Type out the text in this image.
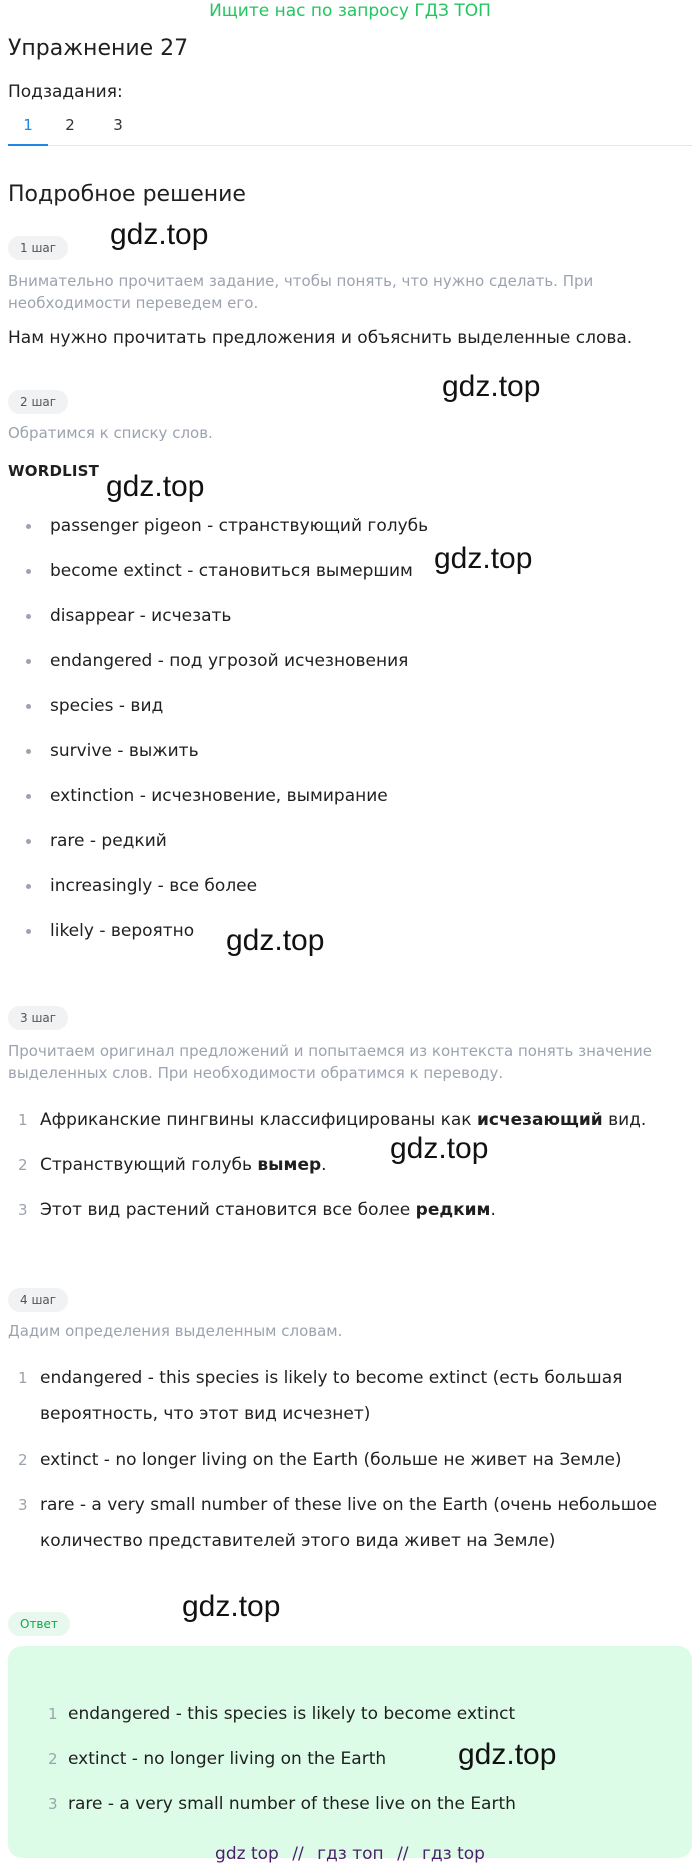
Ищите нас по запросу ГДЗ ТОП
Упражнение 27
Подзадания:
1	2	3
Подробное решение
1 шаг	gdz.top
Внимательно прочитаем задание, чтобы понять, что нужно сделать. При необходимости переведем его.
Нам нужно прочитать предложения и объяснить выделенные слова.
2 шаг	gdz.top
Обратимся к списку слов.
WORDLIST gdz.top
gdz.top
passenger pigeon - странствующий голубь
become extinct - становиться вымершим
disappear - исчезать
endangered - под угрозой исчезновения
species - вид
survive - выжить
extinction - исчезновение, вымирание
rare - редкий
increasingly - все более
likely - вероятно gdz.top
3 шаг
Прочитаем оригинал предложений и попытаемся из контекста понять значение выделенных слов. При необходимости обратимся к переводу.
1 Африканские пингвины классифицированы как исчезающий вид.
2 Странствующий голубь вымер.	gdz.top
3 Этот вид растений становится все более редким.
4 шаг
Дадим определения выделенным словам.
1 endangered - this species is likely to become extinct (есть большая вероятность, что этот вид исчезнет)
2 extinct - no longer living on the Earth (больше не живет на Земле)
3 rare - a very small number of these live on the Earth (очень небольшое количество представителей этого вида живет на Земле)
Ответ
gdz.top
1 endangered - this species is likely to become extinct
2 extinct - no longer living on the Earth
3 rare - a very small number of these live on the Earth
gdz.top
gdz top // гдз топ // гдз top
